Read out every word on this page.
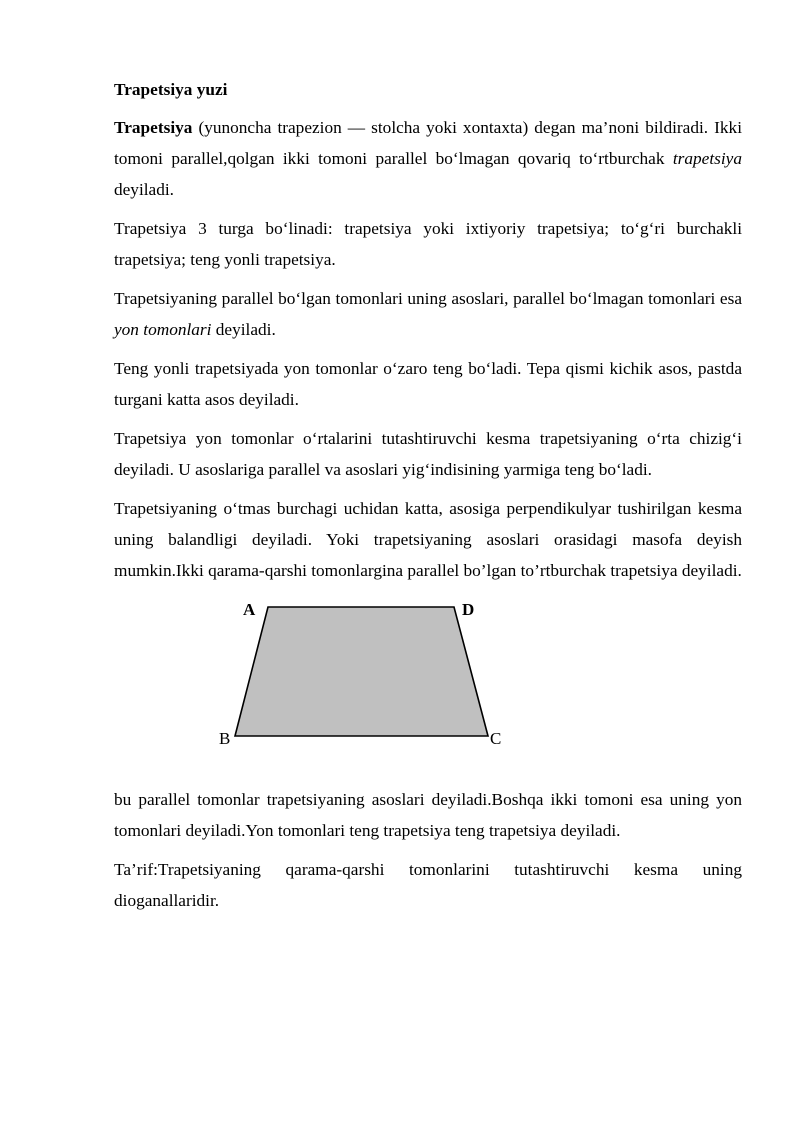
Trapetsiya yuzi

Trapetsiya (yunoncha trapezion — stolcha yoki xontaxta) degan ma’noni bildiradi. Ikki tomoni parallel,qolgan ikki tomoni parallel bo‘lmagan qovariq to‘rtburchak trapetsiya deyiladi.

Trapetsiya 3 turga bo‘linadi: trapetsiya yoki ixtiyoriy trapetsiya; to‘g‘ri burchakli trapetsiya; teng yonli trapetsiya.

Trapetsiyaning parallel bo‘lgan tomonlari uning asoslari, parallel bo‘lmagan tomonlari esa yon tomonlari deyiladi.

Teng yonli trapetsiyada yon tomonlar o‘zaro teng bo‘ladi. Tepa qismi kichik asos, pastda turgani katta asos deyiladi.

Trapetsiya yon tomonlar o‘rtalarini tutashtiruvchi kesma trapetsiyaning o‘rta chizig‘i deyiladi. U asoslariga parallel va asoslari yig‘indisining yarmiga teng bo‘ladi.

Trapetsiyaning o‘tmas burchagi uchidan katta, asosiga perpendikulyar tushirilgan kesma uning balandligi deyiladi. Yoki trapetsiyaning asoslari orasidagi masofa deyish mumkin.Ikki qarama-qarshi tomonlargina parallel bo’lgan to’rtburchak trapetsiya deyiladi.

A	D
B	C

bu parallel tomonlar trapetsiyaning asoslari deyiladi.Boshqa ikki tomoni esa uning yon tomonlari deyiladi.Yon tomonlari teng trapetsiya teng trapetsiya deyiladi.

Ta’rif:Trapetsiyaning qarama-qarshi tomonlarini tutashtiruvchi kesma uning dioganallaridir.
